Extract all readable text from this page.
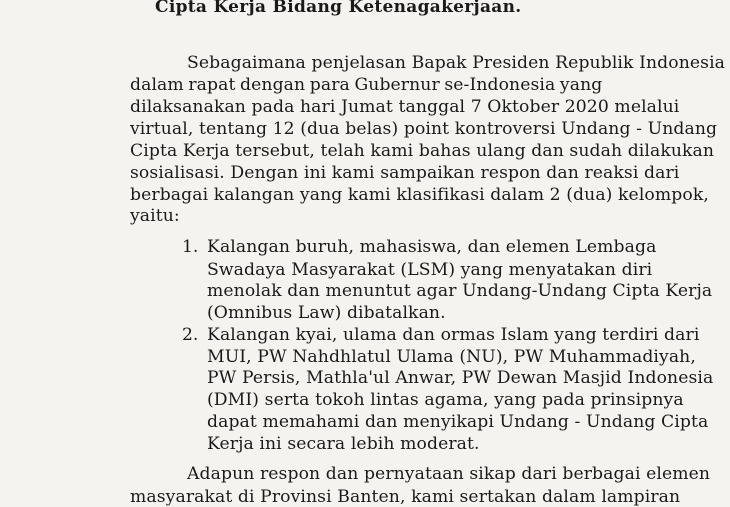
Cipta Kerja Bidang Ketenagakerjaan.
Sebagaimana penjelasan Bapak Presiden Republik Indonesia
dalam rapat dengan para Gubernur se-Indonesia yang
dilaksanakan pada hari Jumat tanggal 7 Oktober 2020 melalui
virtual, tentang 12 (dua belas) point kontroversi Undang - Undang
Cipta Kerja tersebut, telah kami bahas ulang dan sudah dilakukan
sosialisasi. Dengan ini kami sampaikan respon dan reaksi dari
berbagai kalangan yang kami klasifikasi dalam 2 (dua) kelompok,
yaitu:
1. Kalangan buruh, mahasiswa, dan elemen Lembaga
Swadaya Masyarakat (LSM) yang menyatakan diri
menolak dan menuntut agar Undang-Undang Cipta Kerja
(Omnibus Law) dibatalkan.
2. Kalangan kyai, ulama dan ormas Islam yang terdiri dari
MUI, PW Nahdhlatul Ulama (NU), PW Muhammadiyah,
PW Persis, Mathla'ul Anwar, PW Dewan Masjid Indonesia
(DMI) serta tokoh lintas agama, yang pada prinsipnya
dapat memahami dan menyikapi Undang - Undang Cipta
Kerja ini secara lebih moderat.
Adapun respon dan pernyataan sikap dari berbagai elemen
masyarakat di Provinsi Banten, kami sertakan dalam lampiran
